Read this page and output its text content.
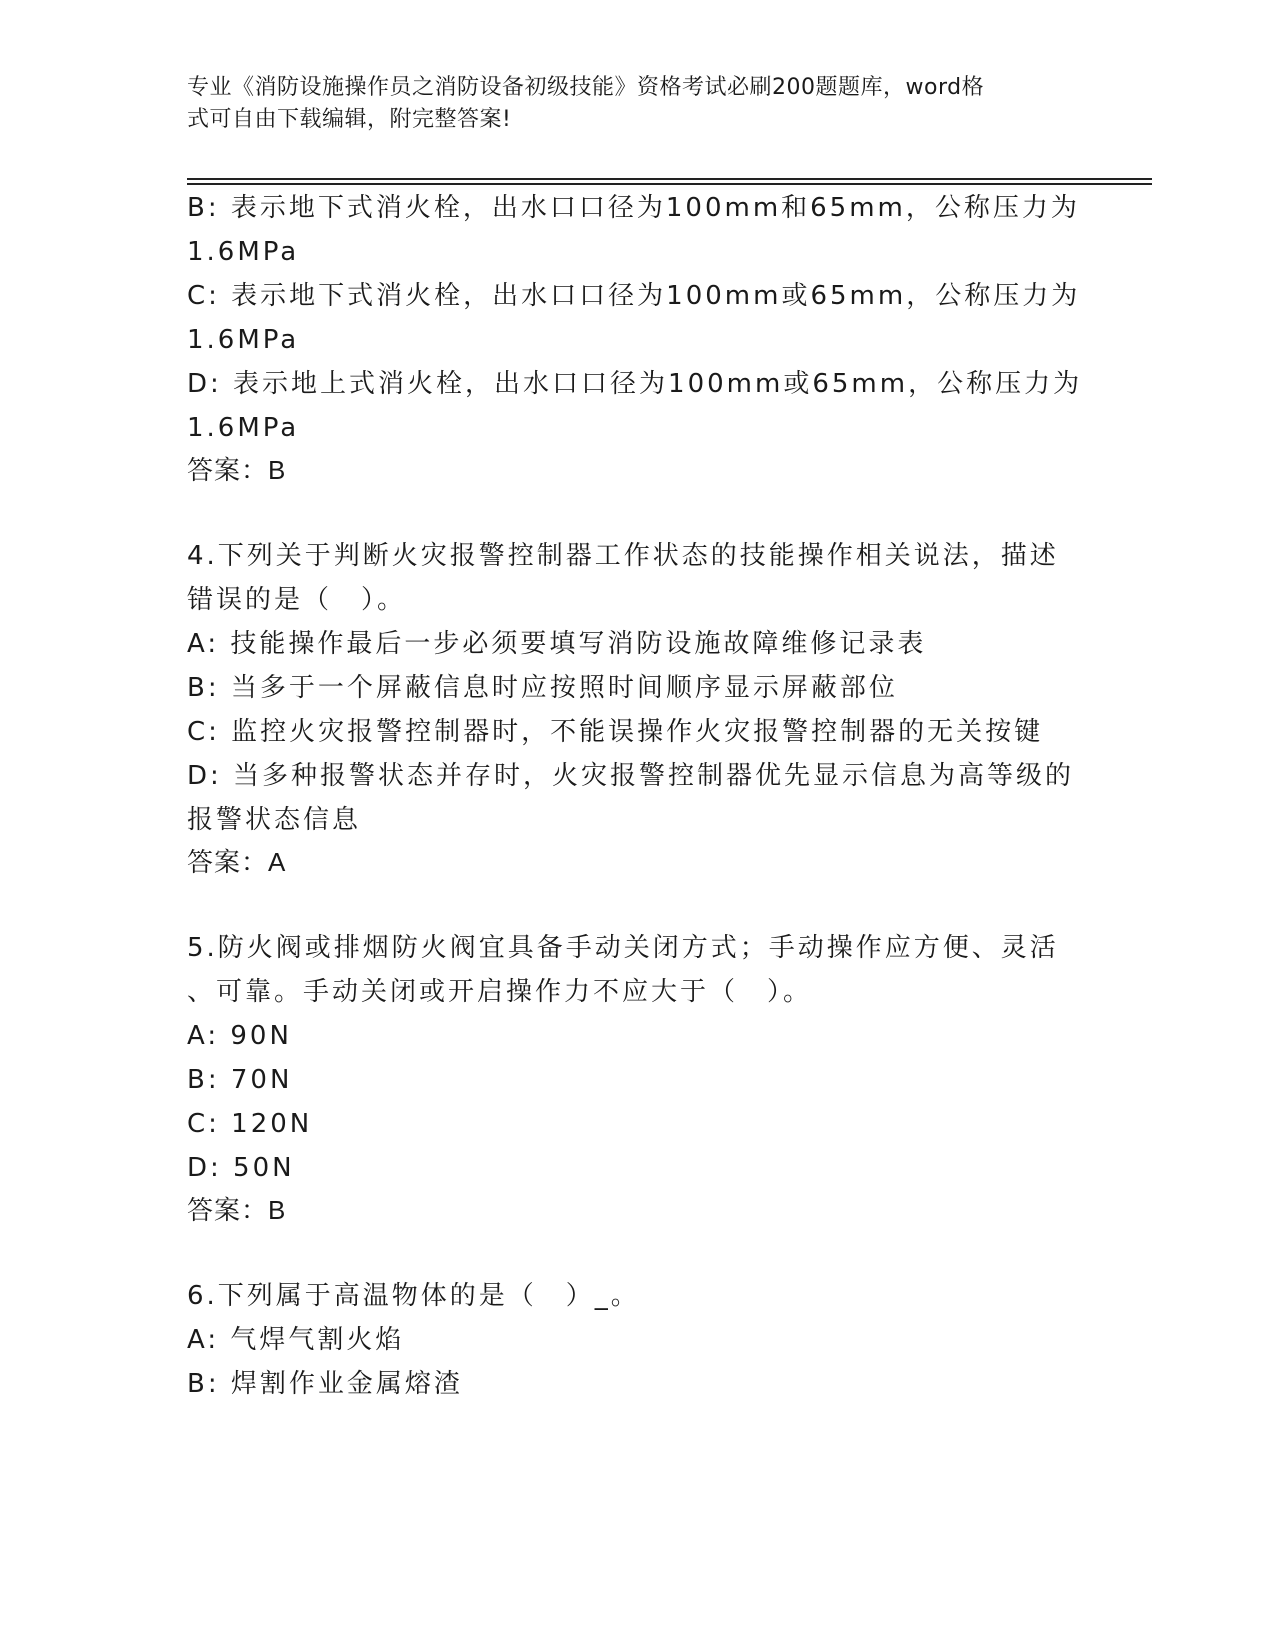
专业《消防设施操作员之消防设备初级技能》资格考试必刷200题题库，word格
式可自由下载编辑，附完整答案!
B: 表示地下式消火栓，出水口口径为100mm和65mm，公称压力为
1.6MPa
C: 表示地下式消火栓，出水口口径为100mm或65mm，公称压力为
1.6MPa
D: 表示地上式消火栓，出水口口径为100mm或65mm，公称压力为
1.6MPa
答案：B
4.下列关于判断火灾报警控制器工作状态的技能操作相关说法，描述
错误的是（　）。
A: 技能操作最后一步必须要填写消防设施故障维修记录表
B: 当多于一个屏蔽信息时应按照时间顺序显示屏蔽部位
C: 监控火灾报警控制器时，不能误操作火灾报警控制器的无关按键
D: 当多种报警状态并存时，火灾报警控制器优先显示信息为高等级的
报警状态信息
答案：A
5.防火阀或排烟防火阀宜具备手动关闭方式；手动操作应方便、灵活
、可靠。手动关闭或开启操作力不应大于（　）。
A: 90N
B: 70N
C: 120N
D: 50N
答案：B
6.下列属于高温物体的是（　）_。
A: 气焊气割火焰
B: 焊割作业金属熔渣
